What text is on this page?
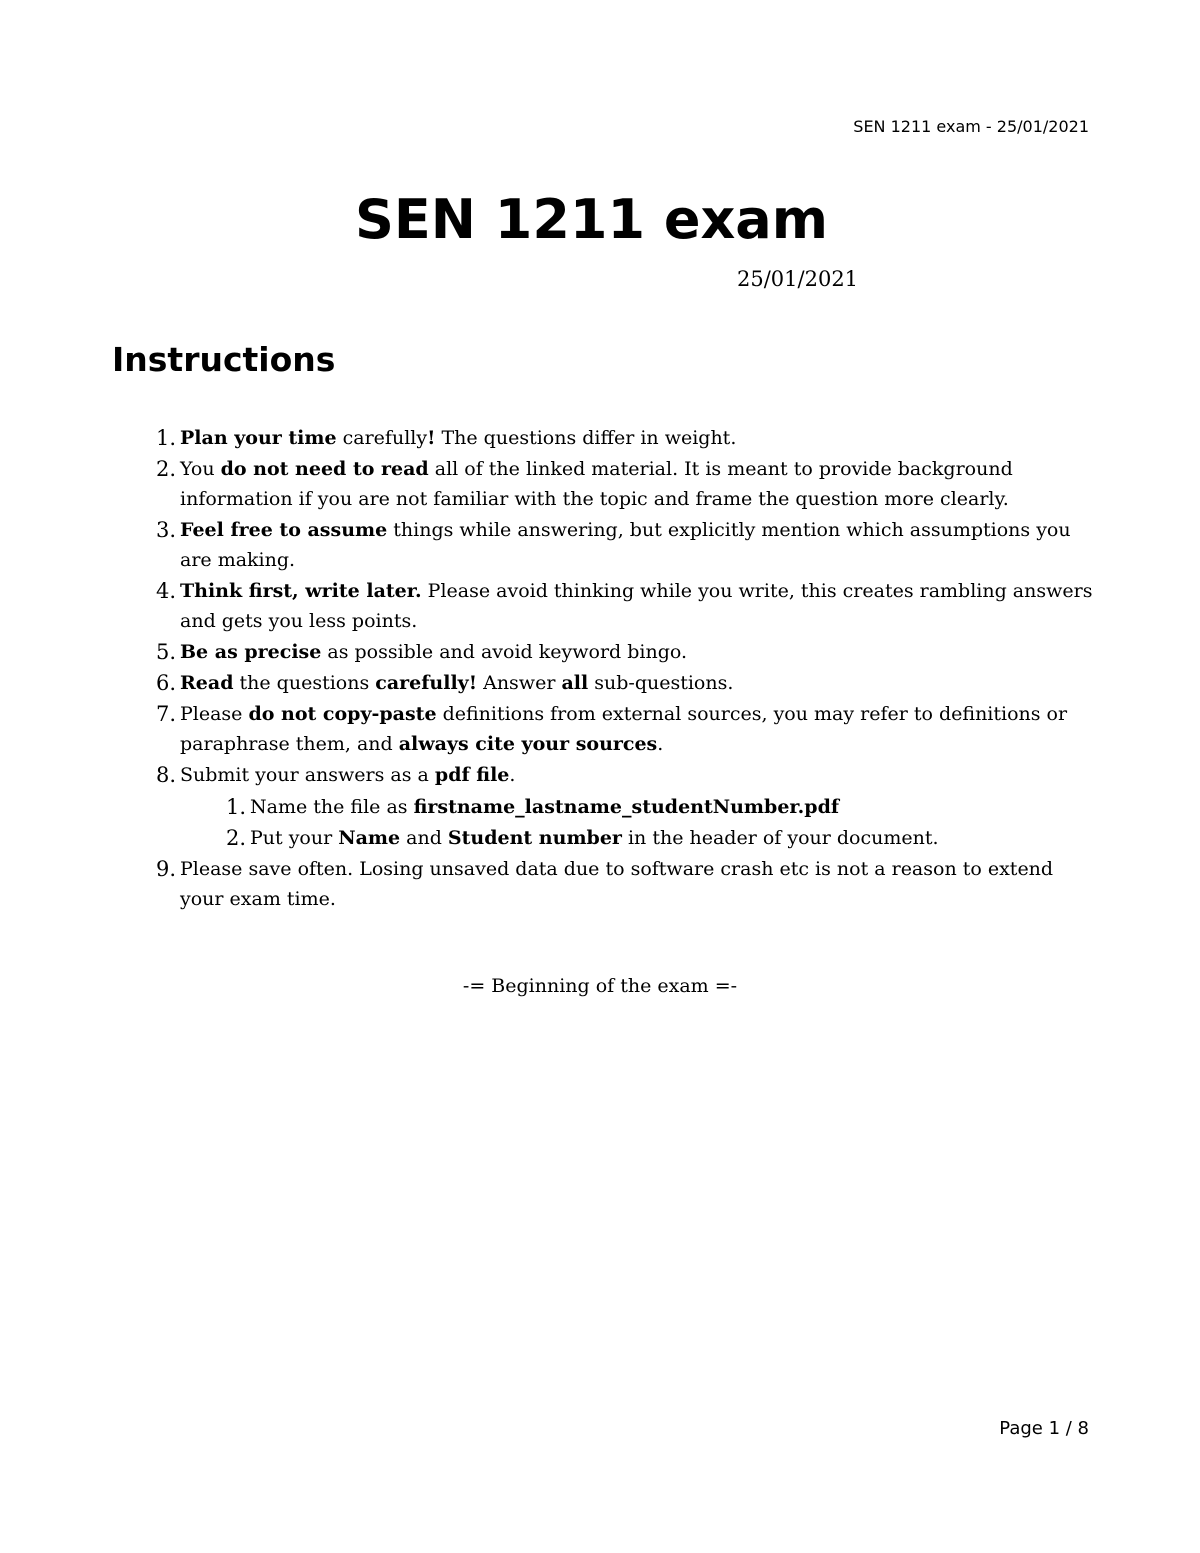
SEN 1211 exam - 25/01/2021
SEN 1211 exam
25/01/2021
Instructions
1. Plan your time carefully! The questions differ in weight.
2. You do not need to read all of the linked material. It is meant to provide background information if you are not familiar with the topic and frame the question more clearly.
3. Feel free to assume things while answering, but explicitly mention which assumptions you are making.
4. Think first, write later. Please avoid thinking while you write, this creates rambling answers and gets you less points.
5. Be as precise as possible and avoid keyword bingo.
6. Read the questions carefully! Answer all sub-questions.
7. Please do not copy-paste definitions from external sources, you may refer to definitions or paraphrase them, and always cite your sources.
8. Submit your answers as a pdf file.
1. Name the file as firstname_lastname_studentNumber.pdf
2. Put your Name and Student number in the header of your document.
9. Please save often. Losing unsaved data due to software crash etc is not a reason to extend your exam time.
-= Beginning of the exam =-
Page 1 / 8
